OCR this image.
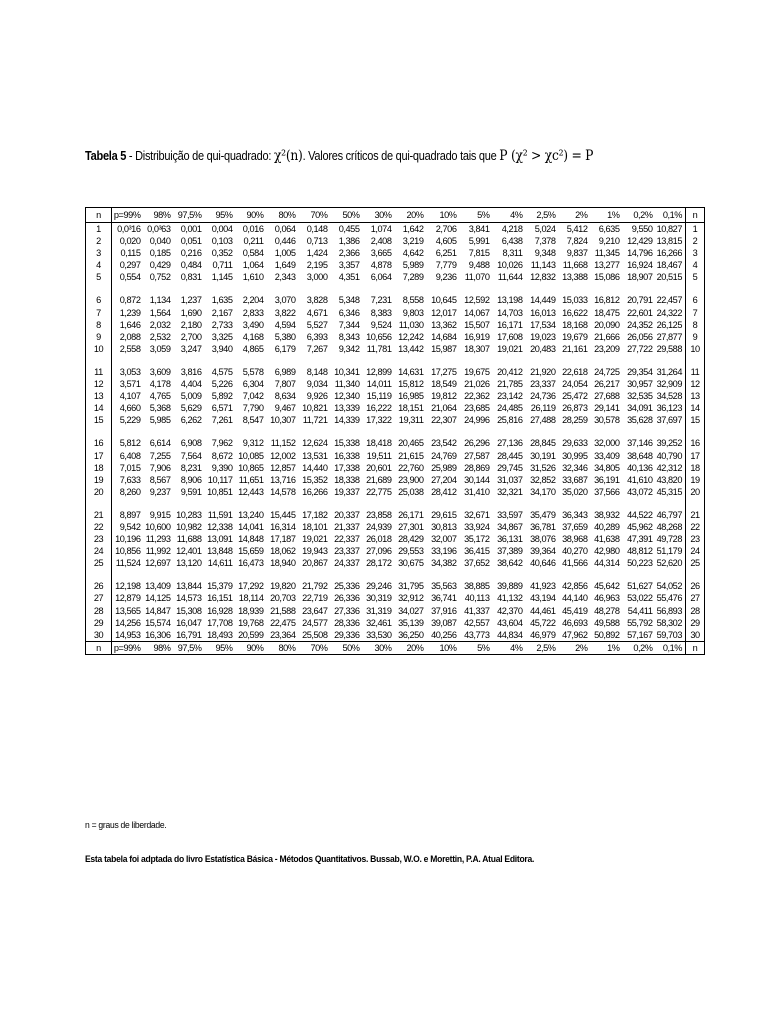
Tabela 5 - Distribuição de qui-quadrado: χ²(n). Valores críticos de qui-quadrado tais que P (χ² > χc²) = P
n	p=99%	98%	97,5%	95%	90%	80%	70%	50%	30%	20%	10%	5%	4%	2,5%	2%	1%	0,2%	0,1%	n
1	0,0³16	0,0³63	0,001	0,004	0,016	0,064	0,148	0,455	1,074	1,642	2,706	3,841	4,218	5,024	5,412	6,635	9,550	10,827	1
2	0,020	0,040	0,051	0,103	0,211	0,446	0,713	1,386	2,408	3,219	4,605	5,991	6,438	7,378	7,824	9,210	12,429	13,815	2
3	0,115	0,185	0,216	0,352	0,584	1,005	1,424	2,366	3,665	4,642	6,251	7,815	8,311	9,348	9,837	11,345	14,796	16,266	3
4	0,297	0,429	0,484	0,711	1,064	1,649	2,195	3,357	4,878	5,989	7,779	9,488	10,026	11,143	11,668	13,277	16,924	18,467	4
5	0,554	0,752	0,831	1,145	1,610	2,343	3,000	4,351	6,064	7,289	9,236	11,070	11,644	12,832	13,388	15,086	18,907	20,515	5

6	0,872	1,134	1,237	1,635	2,204	3,070	3,828	5,348	7,231	8,558	10,645	12,592	13,198	14,449	15,033	16,812	20,791	22,457	6
7	1,239	1,564	1,690	2,167	2,833	3,822	4,671	6,346	8,383	9,803	12,017	14,067	14,703	16,013	16,622	18,475	22,601	24,322	7
8	1,646	2,032	2,180	2,733	3,490	4,594	5,527	7,344	9,524	11,030	13,362	15,507	16,171	17,534	18,168	20,090	24,352	26,125	8
9	2,088	2,532	2,700	3,325	4,168	5,380	6,393	8,343	10,656	12,242	14,684	16,919	17,608	19,023	19,679	21,666	26,056	27,877	9
10	2,558	3,059	3,247	3,940	4,865	6,179	7,267	9,342	11,781	13,442	15,987	18,307	19,021	20,483	21,161	23,209	27,722	29,588	10

11	3,053	3,609	3,816	4,575	5,578	6,989	8,148	10,341	12,899	14,631	17,275	19,675	20,412	21,920	22,618	24,725	29,354	31,264	11
12	3,571	4,178	4,404	5,226	6,304	7,807	9,034	11,340	14,011	15,812	18,549	21,026	21,785	23,337	24,054	26,217	30,957	32,909	12
13	4,107	4,765	5,009	5,892	7,042	8,634	9,926	12,340	15,119	16,985	19,812	22,362	23,142	24,736	25,472	27,688	32,535	34,528	13
14	4,660	5,368	5,629	6,571	7,790	9,467	10,821	13,339	16,222	18,151	21,064	23,685	24,485	26,119	26,873	29,141	34,091	36,123	14
15	5,229	5,985	6,262	7,261	8,547	10,307	11,721	14,339	17,322	19,311	22,307	24,996	25,816	27,488	28,259	30,578	35,628	37,697	15

16	5,812	6,614	6,908	7,962	9,312	11,152	12,624	15,338	18,418	20,465	23,542	26,296	27,136	28,845	29,633	32,000	37,146	39,252	16
17	6,408	7,255	7,564	8,672	10,085	12,002	13,531	16,338	19,511	21,615	24,769	27,587	28,445	30,191	30,995	33,409	38,648	40,790	17
18	7,015	7,906	8,231	9,390	10,865	12,857	14,440	17,338	20,601	22,760	25,989	28,869	29,745	31,526	32,346	34,805	40,136	42,312	18
19	7,633	8,567	8,906	10,117	11,651	13,716	15,352	18,338	21,689	23,900	27,204	30,144	31,037	32,852	33,687	36,191	41,610	43,820	19
20	8,260	9,237	9,591	10,851	12,443	14,578	16,266	19,337	22,775	25,038	28,412	31,410	32,321	34,170	35,020	37,566	43,072	45,315	20

21	8,897	9,915	10,283	11,591	13,240	15,445	17,182	20,337	23,858	26,171	29,615	32,671	33,597	35,479	36,343	38,932	44,522	46,797	21
22	9,542	10,600	10,982	12,338	14,041	16,314	18,101	21,337	24,939	27,301	30,813	33,924	34,867	36,781	37,659	40,289	45,962	48,268	22
23	10,196	11,293	11,688	13,091	14,848	17,187	19,021	22,337	26,018	28,429	32,007	35,172	36,131	38,076	38,968	41,638	47,391	49,728	23
24	10,856	11,992	12,401	13,848	15,659	18,062	19,943	23,337	27,096	29,553	33,196	36,415	37,389	39,364	40,270	42,980	48,812	51,179	24
25	11,524	12,697	13,120	14,611	16,473	18,940	20,867	24,337	28,172	30,675	34,382	37,652	38,642	40,646	41,566	44,314	50,223	52,620	25

26	12,198	13,409	13,844	15,379	17,292	19,820	21,792	25,336	29,246	31,795	35,563	38,885	39,889	41,923	42,856	45,642	51,627	54,052	26
27	12,879	14,125	14,573	16,151	18,114	20,703	22,719	26,336	30,319	32,912	36,741	40,113	41,132	43,194	44,140	46,963	53,022	55,476	27
28	13,565	14,847	15,308	16,928	18,939	21,588	23,647	27,336	31,319	34,027	37,916	41,337	42,370	44,461	45,419	48,278	54,411	56,893	28
29	14,256	15,574	16,047	17,708	19,768	22,475	24,577	28,336	32,461	35,139	39,087	42,557	43,604	45,722	46,693	49,588	55,792	58,302	29
30	14,953	16,306	16,791	18,493	20,599	23,364	25,508	29,336	33,530	36,250	40,256	43,773	44,834	46,979	47,962	50,892	57,167	59,703	30
n	p=99%	98%	97,5%	95%	90%	80%	70%	50%	30%	20%	10%	5%	4%	2,5%	2%	1%	0,2%	0,1%	n
n = graus de liberdade.
Esta tabela foi adptada do livro Estatística Básica - Métodos Quantitativos. Bussab, W.O. e Morettin, P.A. Atual Editora.
